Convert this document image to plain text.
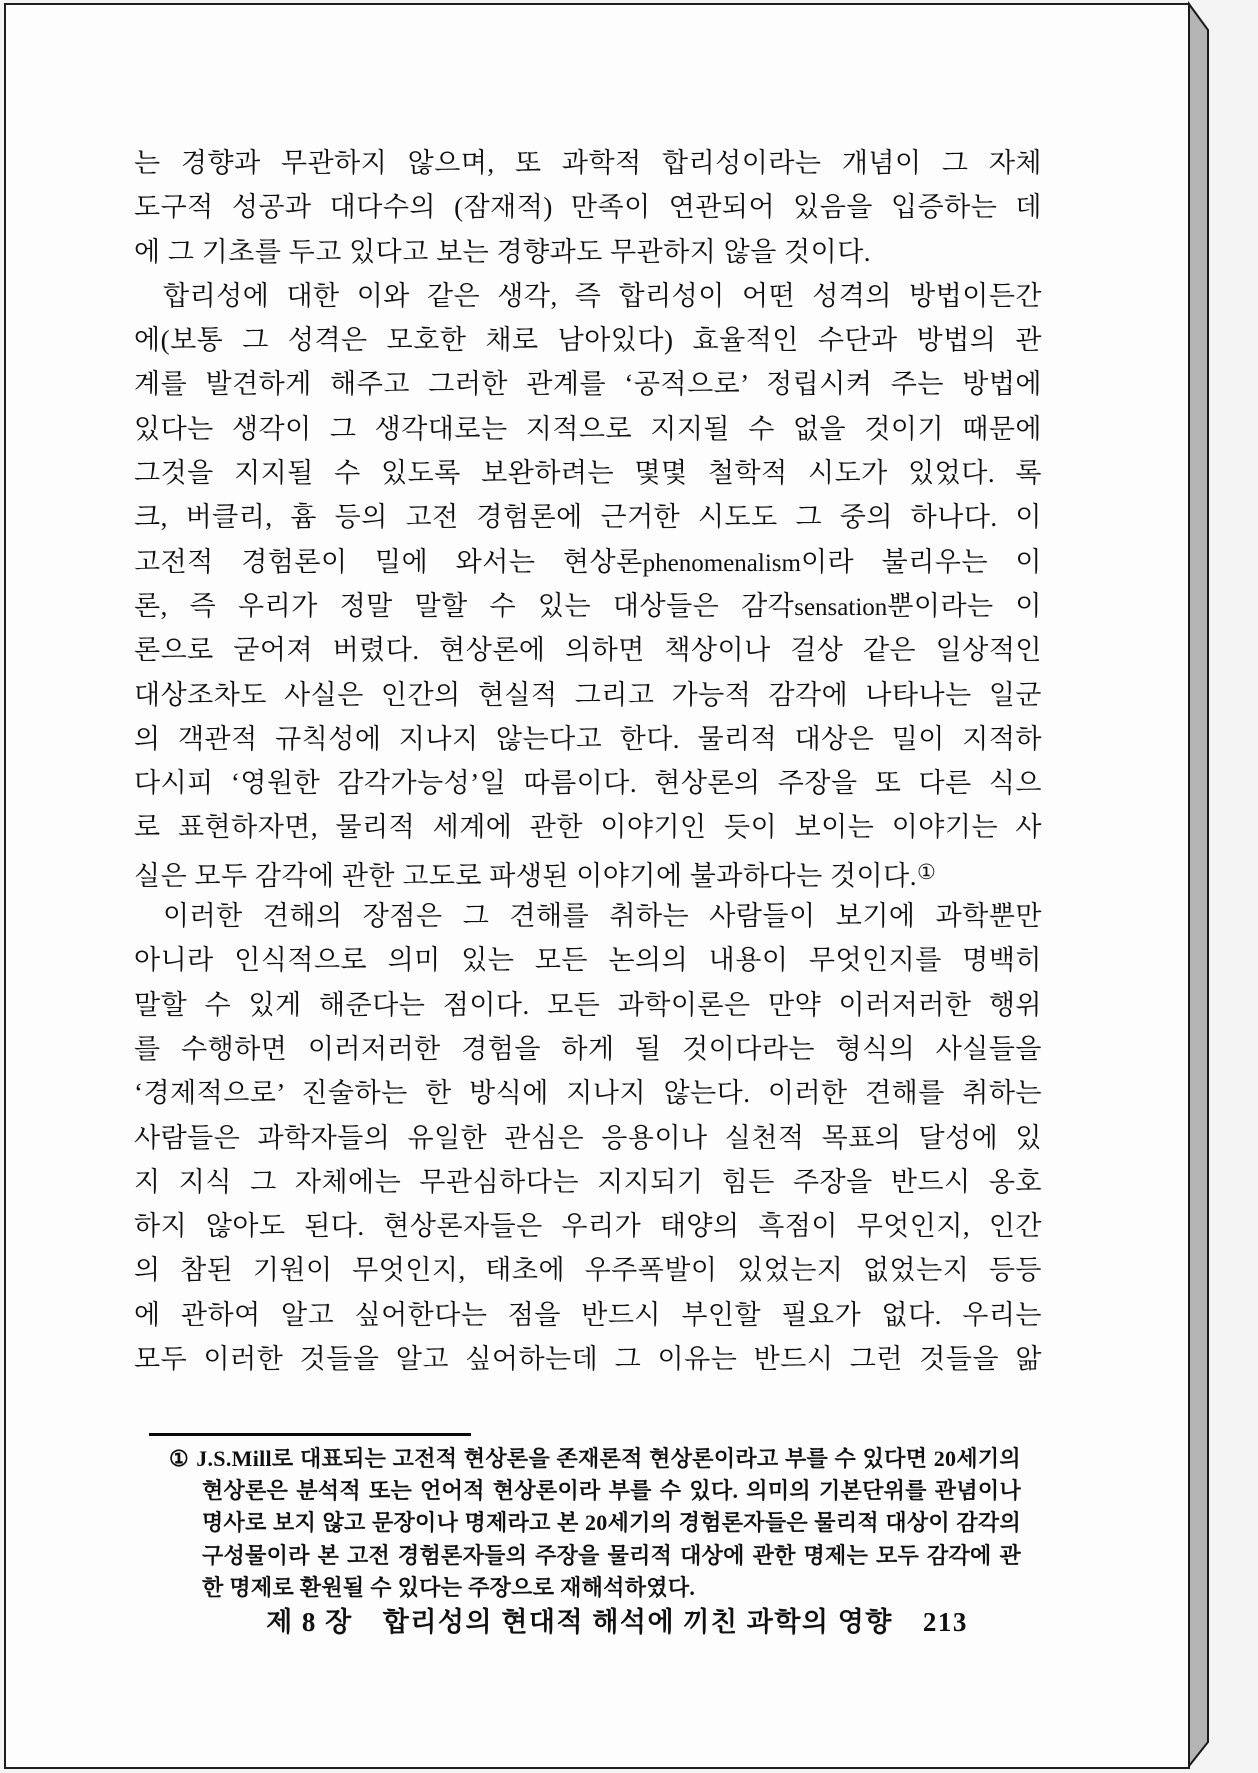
는 경향과 무관하지 않으며, 또 과학적 합리성이라는 개념이 그 자체
도구적 성공과 대다수의 (잠재적) 만족이 연관되어 있음을 입증하는 데
에 그 기초를 두고 있다고 보는 경향과도 무관하지 않을 것이다.
합리성에 대한 이와 같은 생각, 즉 합리성이 어떤 성격의 방법이든간
에(보통 그 성격은 모호한 채로 남아있다) 효율적인 수단과 방법의 관
계를 발견하게 해주고 그러한 관계를 ‘공적으로’ 정립시켜 주는 방법에
있다는 생각이 그 생각대로는 지적으로 지지될 수 없을 것이기 때문에
그것을 지지될 수 있도록 보완하려는 몇몇 철학적 시도가 있었다. 록
크, 버클리, 흄 등의 고전 경험론에 근거한 시도도 그 중의 하나다. 이
고전적 경험론이 밀에 와서는 현상론phenomenalism이라 불리우는 이
론, 즉 우리가 정말 말할 수 있는 대상들은 감각sensation뿐이라는 이
론으로 굳어져 버렸다. 현상론에 의하면 책상이나 걸상 같은 일상적인
대상조차도 사실은 인간의 현실적 그리고 가능적 감각에 나타나는 일군
의 객관적 규칙성에 지나지 않는다고 한다. 물리적 대상은 밀이 지적하
다시피 ‘영원한 감각가능성’일 따름이다. 현상론의 주장을 또 다른 식으
로 표현하자면, 물리적 세계에 관한 이야기인 듯이 보이는 이야기는 사
실은 모두 감각에 관한 고도로 파생된 이야기에 불과하다는 것이다.①
이러한 견해의 장점은 그 견해를 취하는 사람들이 보기에 과학뿐만
아니라 인식적으로 의미 있는 모든 논의의 내용이 무엇인지를 명백히
말할 수 있게 해준다는 점이다. 모든 과학이론은 만약 이러저러한 행위
를 수행하면 이러저러한 경험을 하게 될 것이다라는 형식의 사실들을
‘경제적으로’ 진술하는 한 방식에 지나지 않는다. 이러한 견해를 취하는
사람들은 과학자들의 유일한 관심은 응용이나 실천적 목표의 달성에 있
지 지식 그 자체에는 무관심하다는 지지되기 힘든 주장을 반드시 옹호
하지 않아도 된다. 현상론자들은 우리가 태양의 흑점이 무엇인지, 인간
의 참된 기원이 무엇인지, 태초에 우주폭발이 있었는지 없었는지 등등
에 관하여 알고 싶어한다는 점을 반드시 부인할 필요가 없다. 우리는
모두 이러한 것들을 알고 싶어하는데 그 이유는 반드시 그런 것들을 앎
① J.S.Mill로 대표되는 고전적 현상론을 존재론적 현상론이라고 부를 수 있다면 20세기의
현상론은 분석적 또는 언어적 현상론이라 부를 수 있다. 의미의 기본단위를 관념이나
명사로 보지 않고 문장이나 명제라고 본 20세기의 경험론자들은 물리적 대상이 감각의
구성물이라 본 고전 경험론자들의 주장을 물리적 대상에 관한 명제는 모두 감각에 관
한 명제로 환원될 수 있다는 주장으로 재해석하였다.
제 8 장 합리성의 현대적 해석에 끼친 과학의 영향 213
